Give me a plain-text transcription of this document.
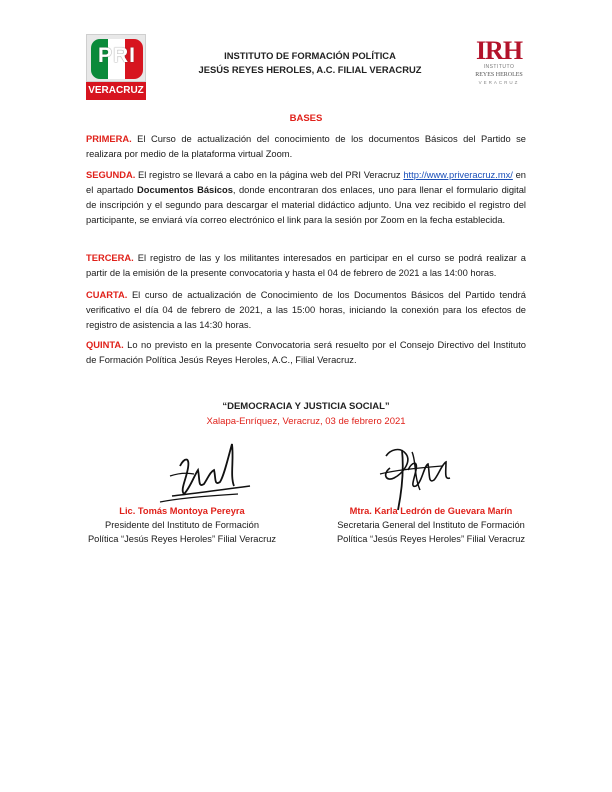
PRI
VERACRUZ
INSTITUTO DE FORMACIÓN POLÍTICA
JESÚS REYES HEROLES, A.C. FILIAL VERACRUZ
IRH
INSTITUTO
REYES HEROLES
VERACRUZ
BASES

PRIMERA. El Curso de actualización del conocimiento de los documentos Básicos del Partido se realizara por medio de la plataforma virtual Zoom.

SEGUNDA. El registro se llevará a cabo en la página web del PRI Veracruz http://www.priveracruz.mx/ en el apartado Documentos Básicos, donde encontraran dos enlaces, uno para llenar el formulario digital de inscripción y el segundo para descargar el material didáctico adjunto. Una vez recibido el registro del participante, se enviará vía correo electrónico el link para la sesión por Zoom en la fecha establecida.

TERCERA. El registro de las y los militantes interesados en participar en el curso se podrá realizar a partir de la emisión de la presente convocatoria y hasta el 04 de febrero de 2021 a las 14:00 horas.

CUARTA. El curso de actualización de Conocimiento de los Documentos Básicos del Partido tendrá verificativo el día 04 de febrero de 2021, a las 15:00 horas, iniciando la conexión para los efectos de registro de asistencia a las 14:30 horas.

QUINTA. Lo no previsto en la presente Convocatoria será resuelto por el Consejo Directivo del Instituto de Formación Política Jesús Reyes Heroles, A.C., Filial Veracruz.

“DEMOCRACIA Y JUSTICIA SOCIAL”
Xalapa-Enríquez, Veracruz, 03 de febrero 2021
Lic. Tomás Montoya Pereyra
Presidente del Instituto de Formación
Política “Jesús Reyes Heroles” Filial Veracruz
Mtra. Karla Ledrón de Guevara Marín
Secretaria General del Instituto de Formación
Política “Jesús Reyes Heroles” Filial Veracruz
